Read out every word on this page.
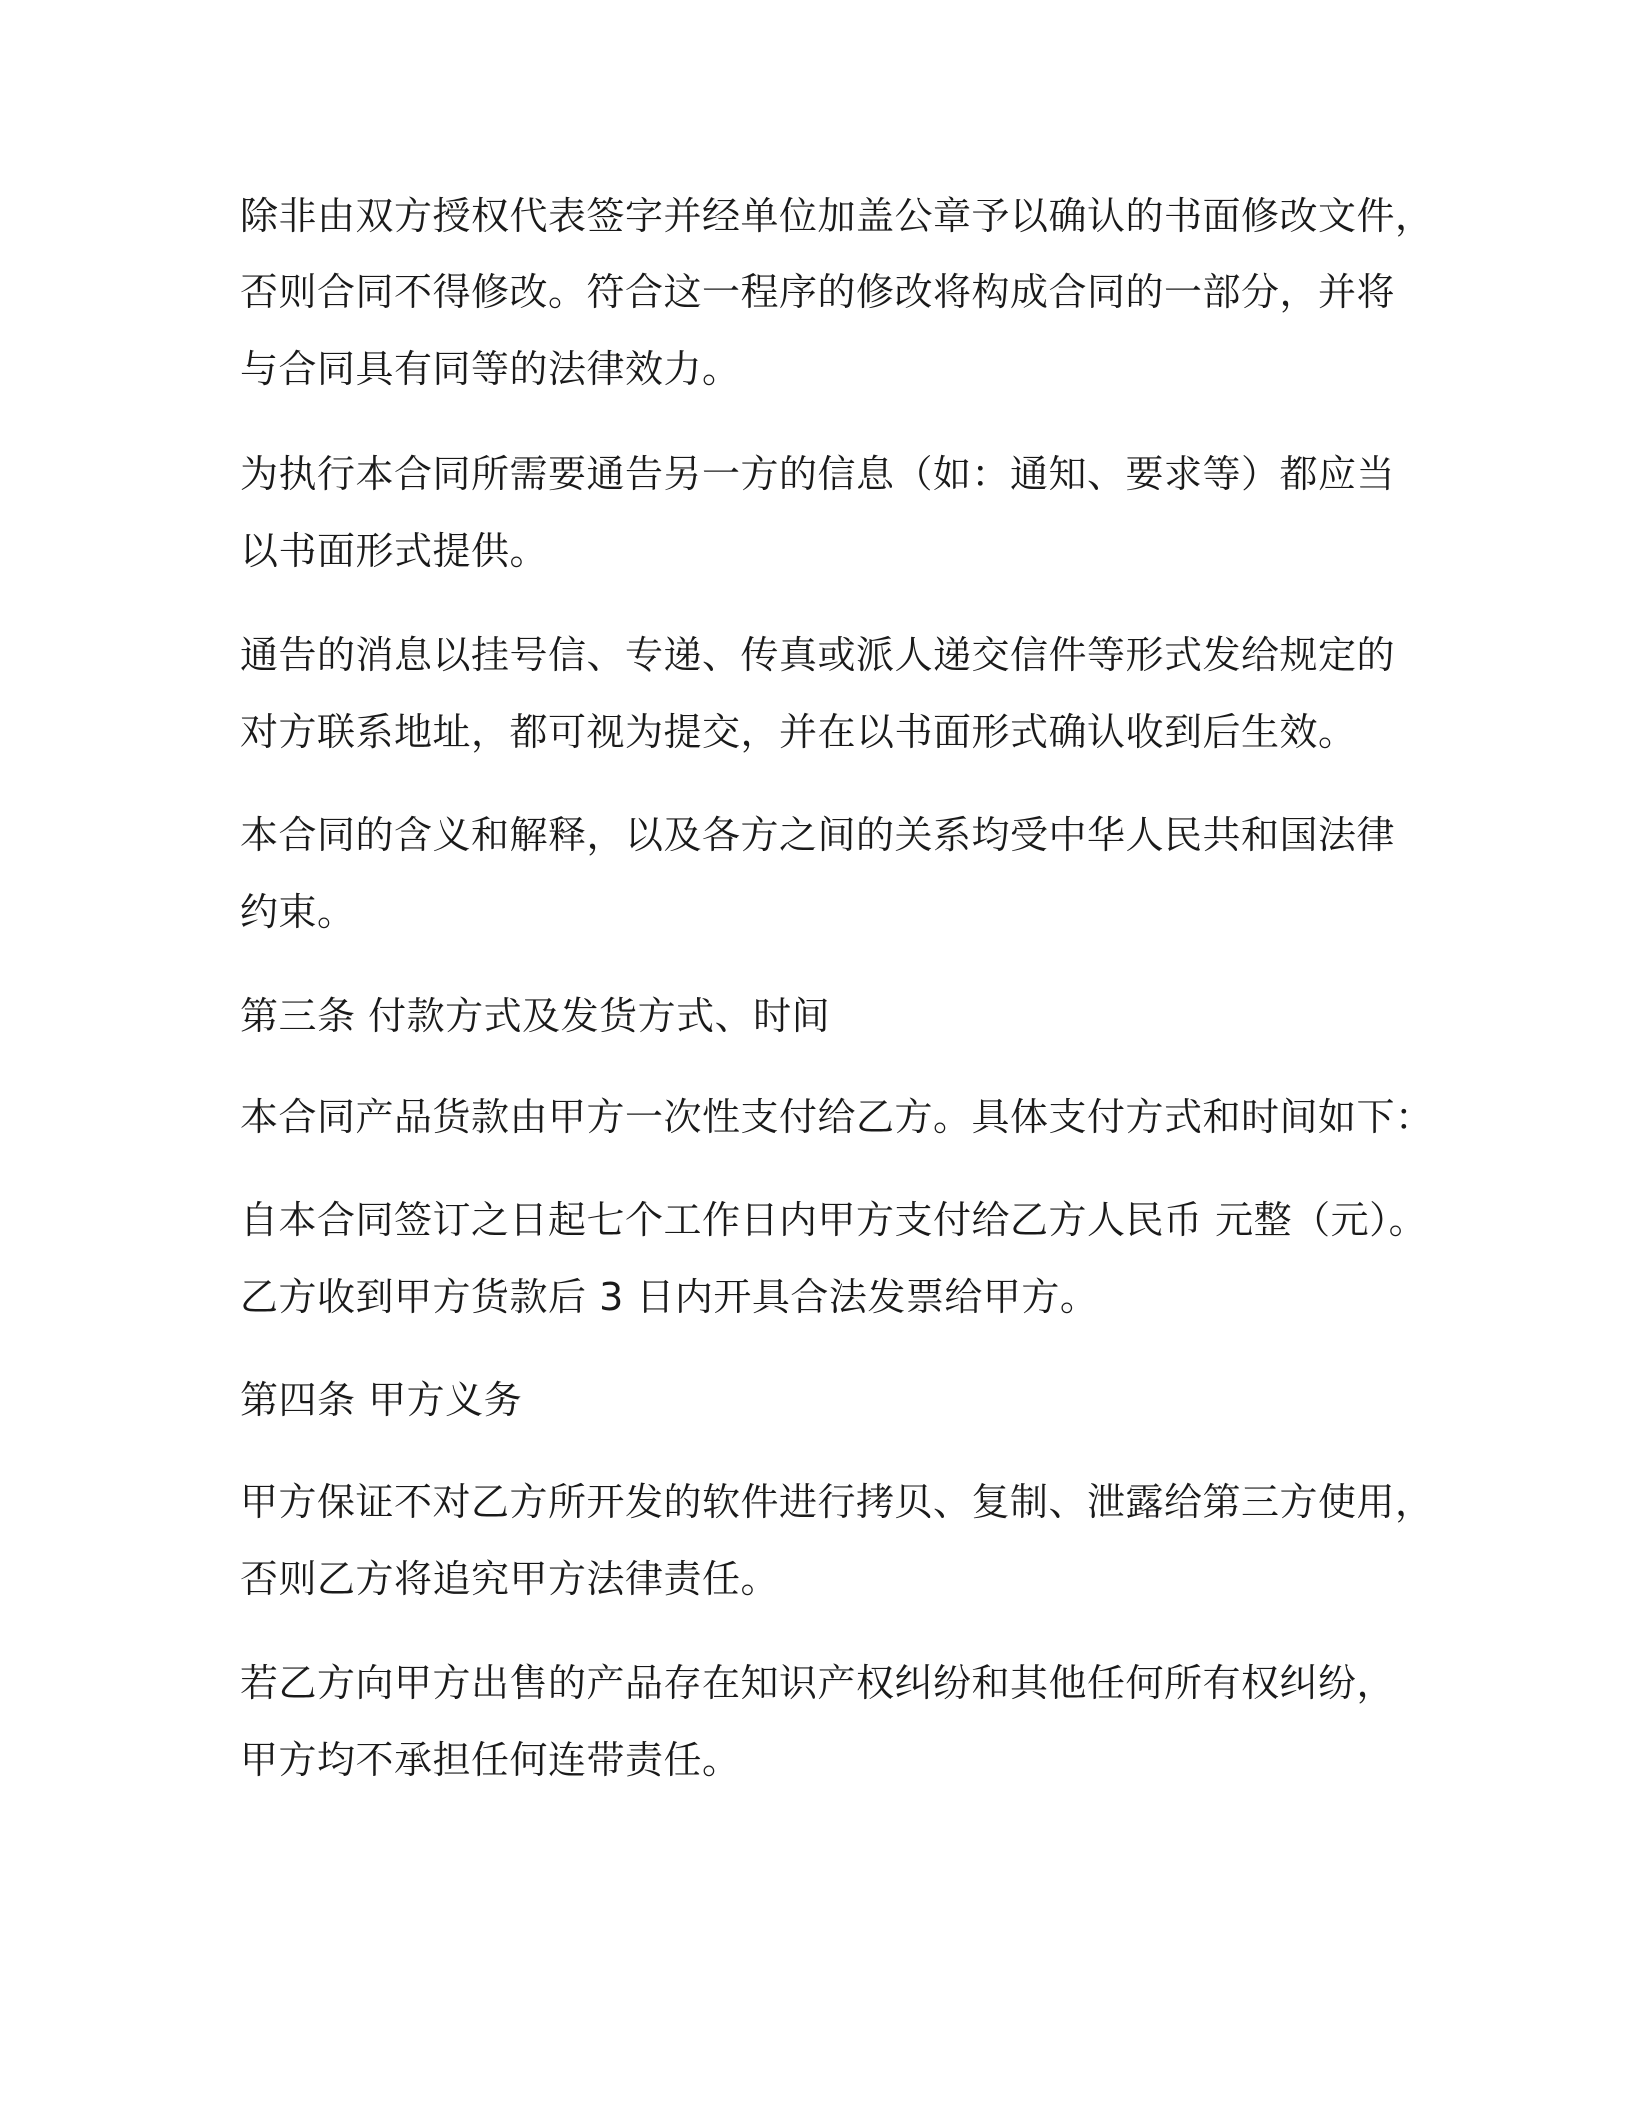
除非由双方授权代表签字并经单位加盖公章予以确认的书面修改文件，
否则合同不得修改。符合这一程序的修改将构成合同的一部分，并将
与合同具有同等的法律效力。
为执行本合同所需要通告另一方的信息（如：通知、要求等）都应当
以书面形式提供。
通告的消息以挂号信、专递、传真或派人递交信件等形式发给规定的
对方联系地址，都可视为提交，并在以书面形式确认收到后生效。
本合同的含义和解释，以及各方之间的关系均受中华人民共和国法律
约束。
第三条 付款方式及发货方式、时间
本合同产品货款由甲方一次性支付给乙方。具体支付方式和时间如下：
自本合同签订之日起七个工作日内甲方支付给乙方人民币 元整（元）。
乙方收到甲方货款后 3 日内开具合法发票给甲方。
第四条 甲方义务
甲方保证不对乙方所开发的软件进行拷贝、复制、泄露给第三方使用，
否则乙方将追究甲方法律责任。
若乙方向甲方出售的产品存在知识产权纠纷和其他任何所有权纠纷，
甲方均不承担任何连带责任。
